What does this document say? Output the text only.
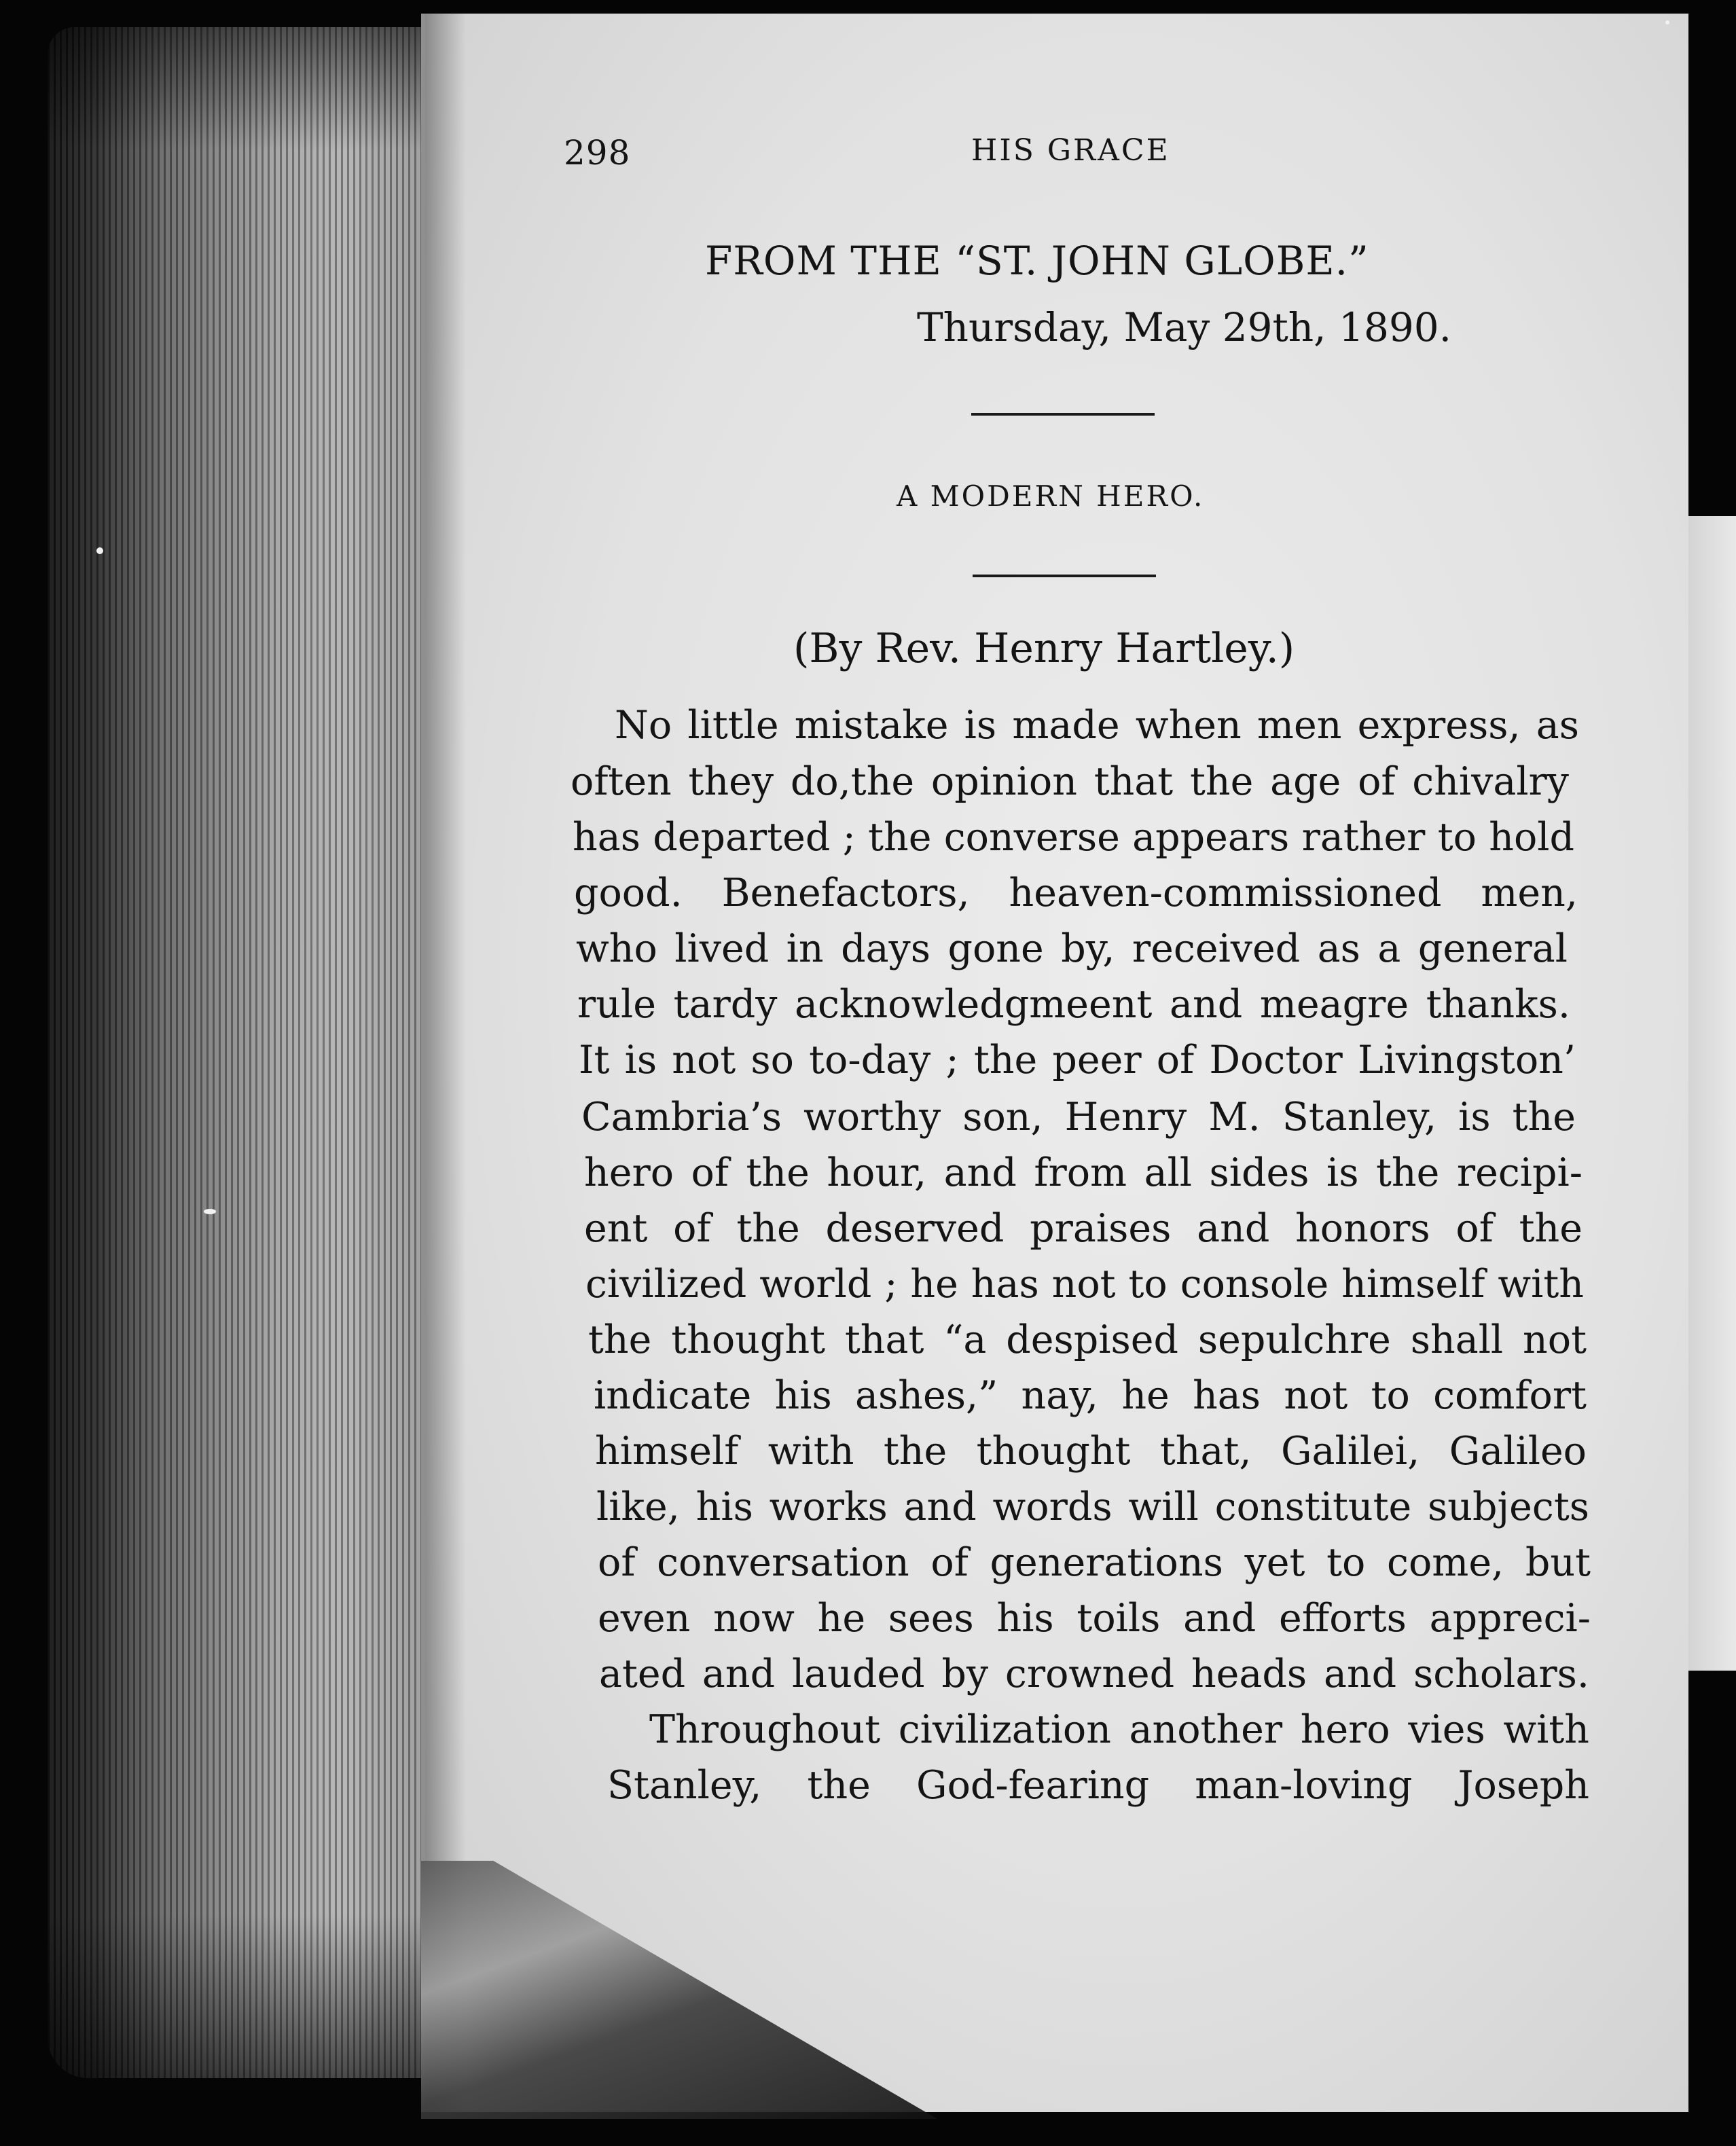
298	HIS GRACE
FROM THE “ST. JOHN GLOBE.”
Thursday, May 29th, 1890.
A MODERN HERO.
(By Rev. Henry Hartley.)
No little mistake is made when men express, as
often they do,the opinion that the age of chivalry
has departed ; the converse appears rather to hold
good. Benefactors, heaven-commissioned men,
who lived in days gone by, received as a general
rule tardy acknowledgmeent and meagre thanks.
It is not so to-day ; the peer of Doctor Livingston’
Cambria’s worthy son, Henry M. Stanley, is the
hero of the hour, and from all sides is the recipi-
ent of the deserved praises and honors of the
civilized world ; he has not to console himself with
the thought that “a despised sepulchre shall not
indicate his ashes,” nay, he has not to comfort
himself with the thought that, Galilei, Galileo
like, his works and words will constitute subjects
of conversation of generations yet to come, but
even now he sees his toils and efforts appreci-
ated and lauded by crowned heads and scholars.
Throughout civilization another hero vies with
Stanley, the God-fearing man-loving Joseph
